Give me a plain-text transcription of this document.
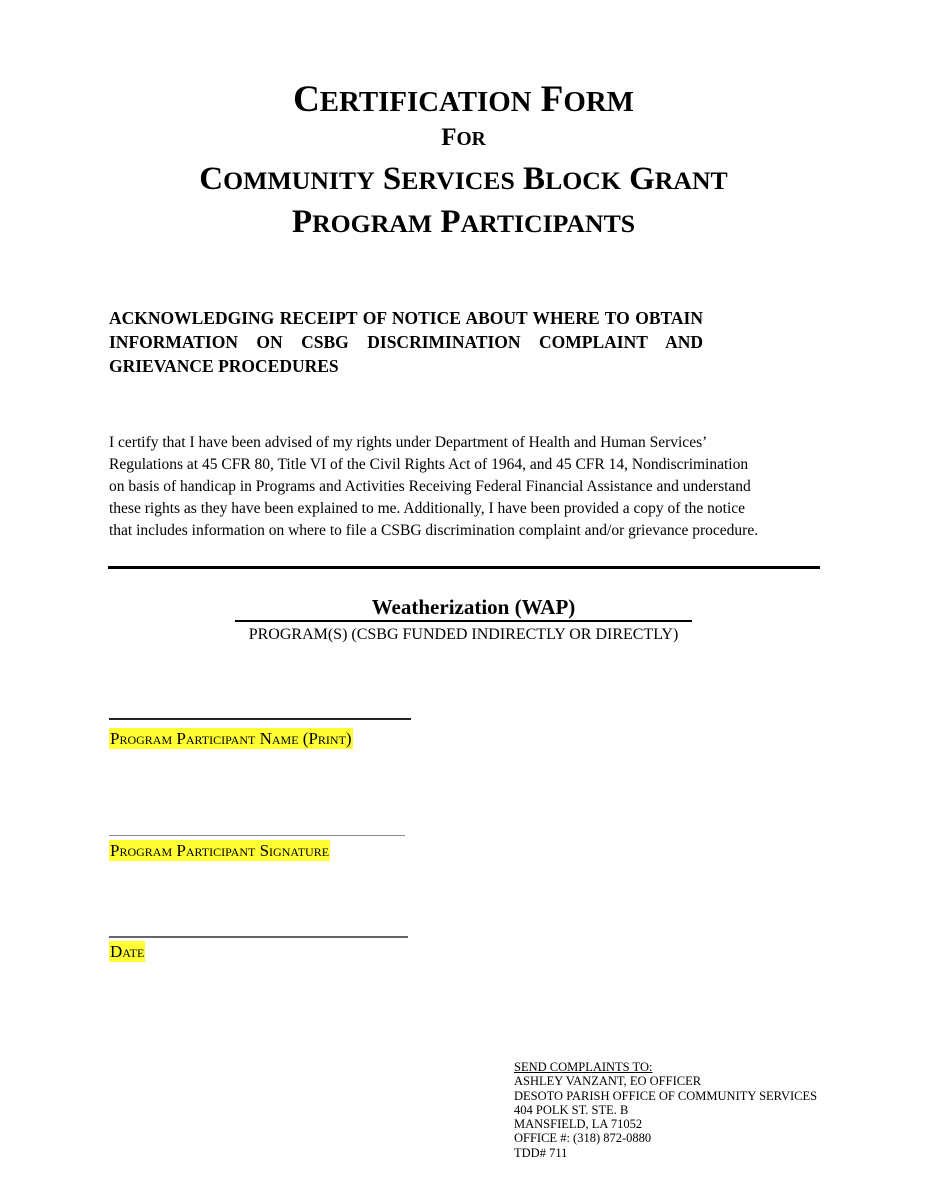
CERTIFICATION FORM
FOR
COMMUNITY SERVICES BLOCK GRANT
PROGRAM PARTICIPANTS
ACKNOWLEDGING RECEIPT OF NOTICE ABOUT WHERE TO OBTAIN
INFORMATION ON CSBG DISCRIMINATION COMPLAINT AND
GRIEVANCE PROCEDURES
I certify that I have been advised of my rights under Department of Health and Human Services’
Regulations at 45 CFR 80, Title VI of the Civil Rights Act of 1964, and 45 CFR 14, Nondiscrimination
on basis of handicap in Programs and Activities Receiving Federal Financial Assistance and understand
these rights as they have been explained to me. Additionally, I have been provided a copy of the notice
that includes information on where to file a CSBG discrimination complaint and/or grievance procedure.
Weatherization (WAP)
PROGRAM(S) (CSBG FUNDED INDIRECTLY OR DIRECTLY)
Program Participant Name (Print)
Program Participant Signature
Date
SEND COMPLAINTS TO:
ASHLEY VANZANT, EO OFFICER
DESOTO PARISH OFFICE OF COMMUNITY SERVICES
404 POLK ST. STE. B
MANSFIELD, LA 71052
OFFICE #: (318) 872-0880
TDD# 711
